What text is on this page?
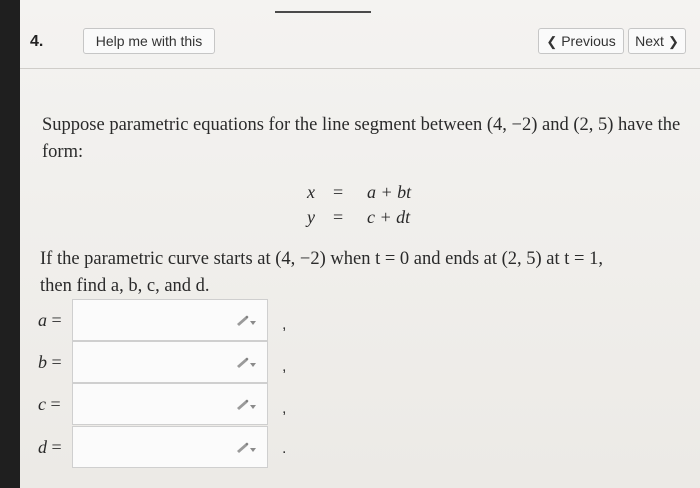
4.	Help me with this	❮ Previous Next ❯
Suppose parametric equations for the line segment between (4, −2) and (2, 5) have the form:
x = a + bt
y = c + dt
If the parametric curve starts at (4, −2) when t = 0 and ends at (2, 5) at t = 1,
then find a, b, c, and d.
a =	,
b =	,
c =	,
d =	.
